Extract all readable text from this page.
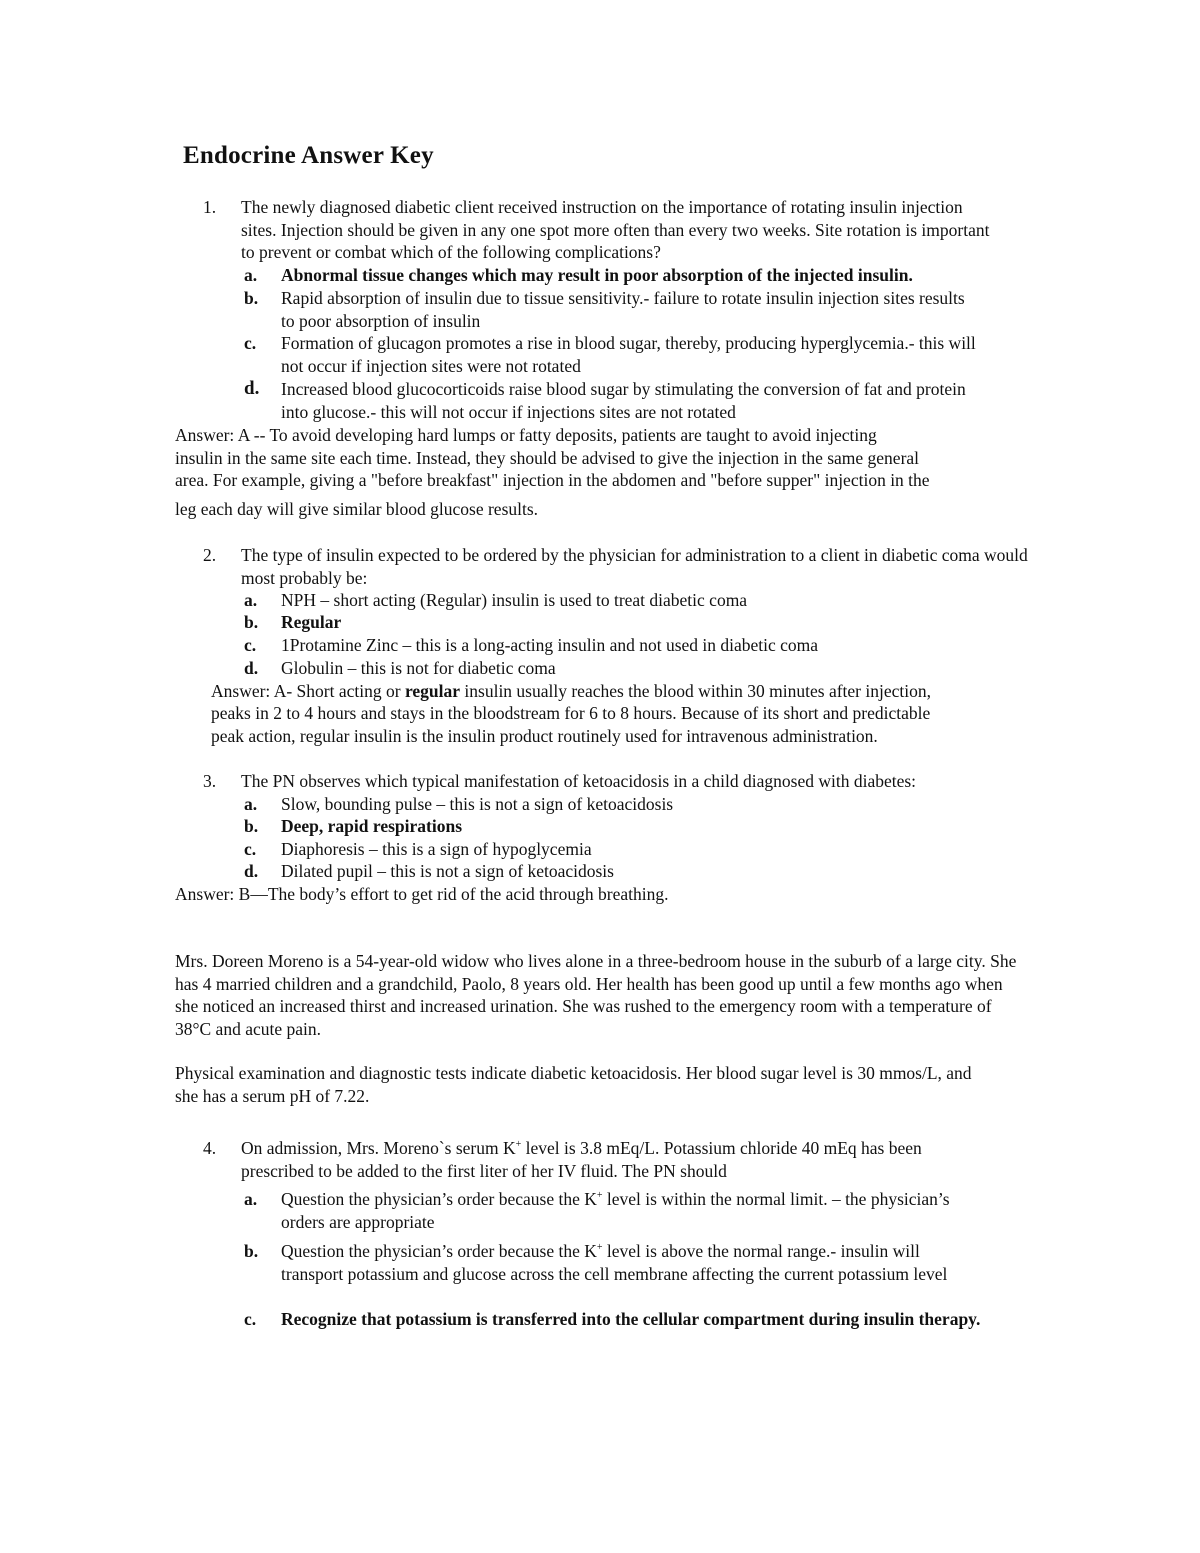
Endocrine Answer Key
1. The newly diagnosed diabetic client received instruction on the importance of rotating insulin injection sites. Injection should be given in any one spot more often than every two weeks. Site rotation is important to prevent or combat which of the following complications?
a. Abnormal tissue changes which may result in poor absorption of the injected insulin.
b. Rapid absorption of insulin due to tissue sensitivity.- failure to rotate insulin injection sites results to poor absorption of insulin
c. Formation of glucagon promotes a rise in blood sugar, thereby, producing hyperglycemia.- this will not occur if injection sites were not rotated
d. Increased blood glucocorticoids raise blood sugar by stimulating the conversion of fat and protein into glucose.- this will not occur if injections sites are not rotated
Answer: A -- To avoid developing hard lumps or fatty deposits, patients are taught to avoid injecting
insulin in the same site each time. Instead, they should be advised to give the injection in the same general
area. For example, giving a "before breakfast" injection in the abdomen and "before supper" injection in the
leg each day will give similar blood glucose results.
2. The type of insulin expected to be ordered by the physician for administration to a client in diabetic coma would most probably be:
a. NPH – short acting (Regular) insulin is used to treat diabetic coma
b. Regular
c. 1Protamine Zinc – this is a long-acting insulin and not used in diabetic coma
d. Globulin – this is not for diabetic coma
Answer: A- Short acting or regular insulin usually reaches the blood within 30 minutes after injection,
peaks in 2 to 4 hours and stays in the bloodstream for 6 to 8 hours. Because of its short and predictable
peak action, regular insulin is the insulin product routinely used for intravenous administration.
3. The PN observes which typical manifestation of ketoacidosis in a child diagnosed with diabetes:
a. Slow, bounding pulse – this is not a sign of ketoacidosis
b. Deep, rapid respirations
c. Diaphoresis – this is a sign of hypoglycemia
d. Dilated pupil – this is not a sign of ketoacidosis
Answer: B—The body’s effort to get rid of the acid through breathing.
Mrs. Doreen Moreno is a 54-year-old widow who lives alone in a three-bedroom house in the suburb of a large city. She has 4 married children and a grandchild, Paolo, 8 years old. Her health has been good up until a few months ago when she noticed an increased thirst and increased urination. She was rushed to the emergency room with a temperature of 38°C and acute pain.
Physical examination and diagnostic tests indicate diabetic ketoacidosis. Her blood sugar level is 30 mmos/L, and she has a serum pH of 7.22.
4. On admission, Mrs. Moreno`s serum K+ level is 3.8 mEq/L. Potassium chloride 40 mEq has been prescribed to be added to the first liter of her IV fluid. The PN should
a. Question the physician’s order because the K+ level is within the normal limit. – the physician’s orders are appropriate
b. Question the physician’s order because the K+ level is above the normal range.- insulin will transport potassium and glucose across the cell membrane affecting the current potassium level
c. Recognize that potassium is transferred into the cellular compartment during insulin therapy.
